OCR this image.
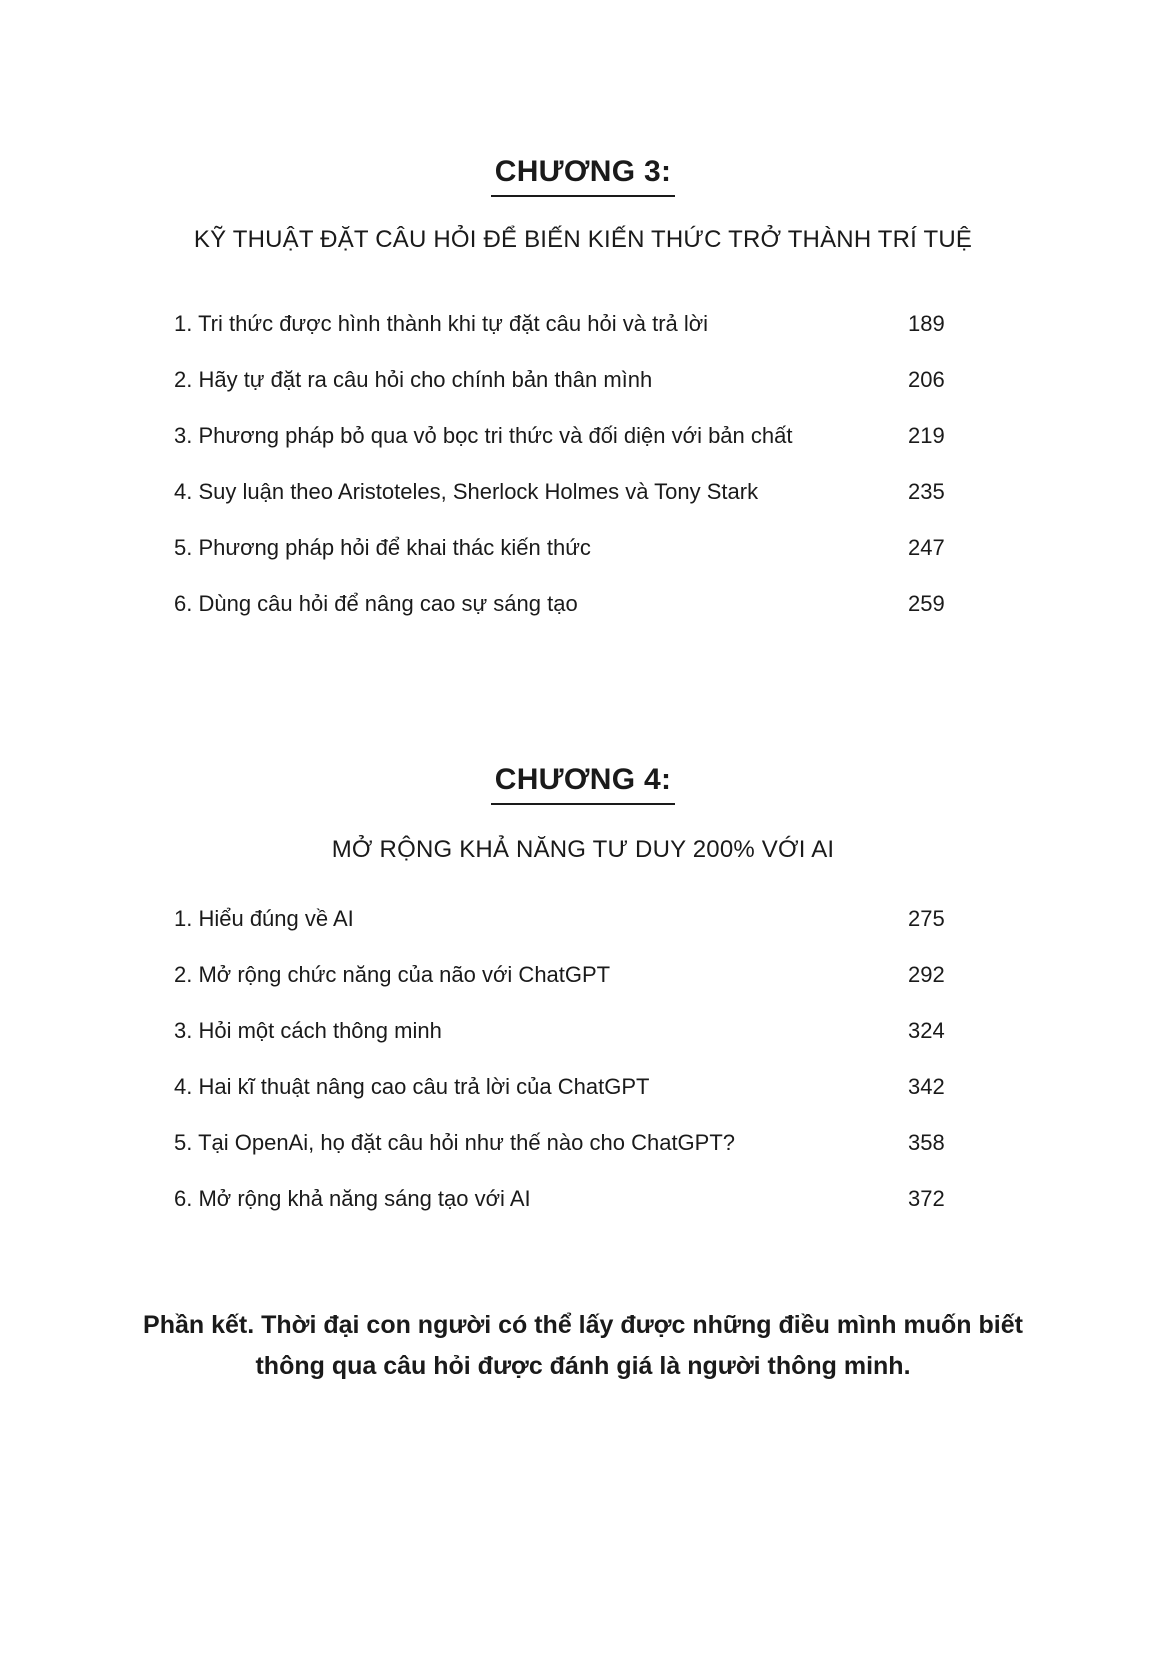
CHƯƠNG 3:
KỸ THUẬT ĐẶT CÂU HỎI ĐỂ BIẾN KIẾN THỨC TRỞ THÀNH TRÍ TUỆ
1. Tri thức được hình thành khi tự đặt câu hỏi và trả lời	189
2. Hãy tự đặt ra câu hỏi cho chính bản thân mình	206
3. Phương pháp bỏ qua vỏ bọc tri thức và đối diện với bản chất	219
4. Suy luận theo Aristoteles, Sherlock Holmes và Tony Stark	235
5. Phương pháp hỏi để khai thác kiến thức	247
6. Dùng câu hỏi để nâng cao sự sáng tạo	259
CHƯƠNG 4:
MỞ RỘNG KHẢ NĂNG TƯ DUY 200% VỚI AI
1. Hiểu đúng về AI	275
2. Mở rộng chức năng của não với ChatGPT	292
3. Hỏi một cách thông minh	324
4. Hai kĩ thuật nâng cao câu trả lời của ChatGPT	342
5. Tại OpenAi, họ đặt câu hỏi như thế nào cho ChatGPT?	358
6. Mở rộng khả năng sáng tạo với AI	372
Phần kết. Thời đại con người có thể lấy được những điều mình muốn biết
thông qua câu hỏi được đánh giá là người thông minh.
